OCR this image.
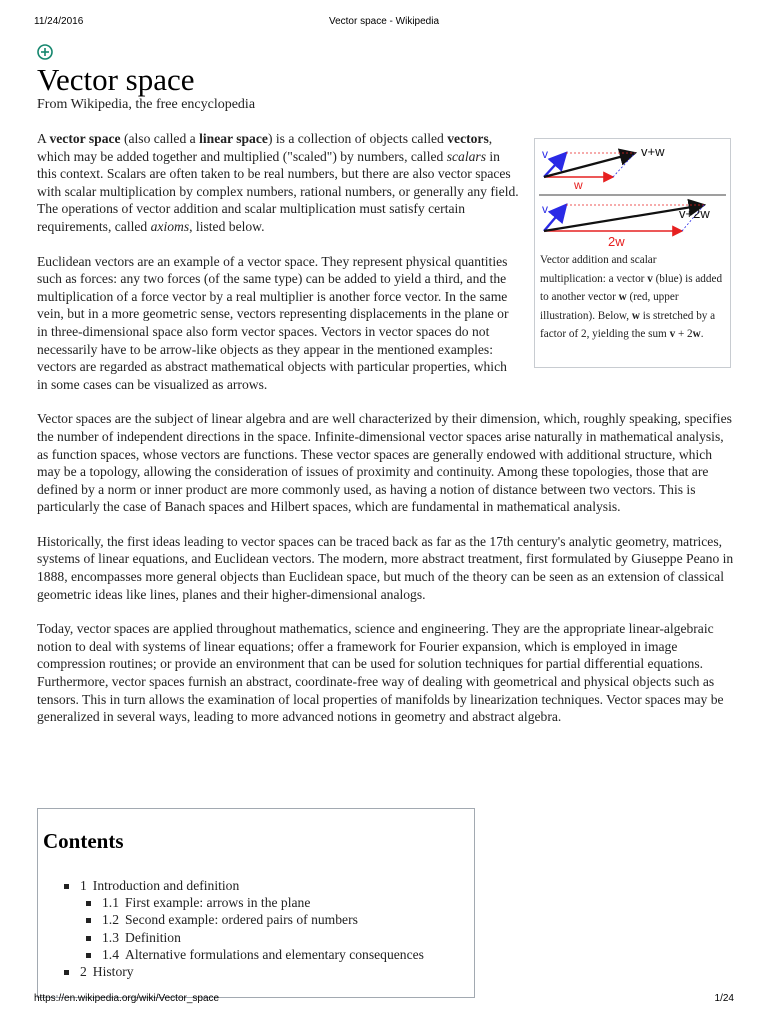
11/24/2016	Vector space - Wikipedia
Vector space
From Wikipedia, the free encyclopedia
v	v+w
w
v	v+2w
2w
Vector addition and scalar multiplication: a vector v (blue) is added to another vector w (red, upper illustration). Below, w is stretched by a factor of 2, yielding the sum v + 2w.

A vector space (also called a linear space) is a collection of objects called vectors, which may be added together and multiplied ("scaled") by numbers, called scalars in this context. Scalars are often taken to be real numbers, but there are also vector spaces with scalar multiplication by complex numbers, rational numbers, or generally any field. The operations of vector addition and scalar multiplication must satisfy certain requirements, called axioms, listed below.

Euclidean vectors are an example of a vector space. They represent physical quantities such as forces: any two forces (of the same type) can be added to yield a third, and the multiplication of a force vector by a real multiplier is another force vector. In the same vein, but in a more geometric sense, vectors representing displacements in the plane or in three-dimensional space also form vector spaces. Vectors in vector spaces do not necessarily have to be arrow-like objects as they appear in the mentioned examples: vectors are regarded as abstract mathematical objects with particular properties, which in some cases can be visualized as arrows.

Vector spaces are the subject of linear algebra and are well characterized by their dimension, which, roughly speaking, specifies the number of independent directions in the space. Infinite-dimensional vector spaces arise naturally in mathematical analysis, as function spaces, whose vectors are functions. These vector spaces are generally endowed with additional structure, which may be a topology, allowing the consideration of issues of proximity and continuity. Among these topologies, those that are defined by a norm or inner product are more commonly used, as having a notion of distance between two vectors. This is particularly the case of Banach spaces and Hilbert spaces, which are fundamental in mathematical analysis.

Historically, the first ideas leading to vector spaces can be traced back as far as the 17th century's analytic geometry, matrices, systems of linear equations, and Euclidean vectors. The modern, more abstract treatment, first formulated by Giuseppe Peano in 1888, encompasses more general objects than Euclidean space, but much of the theory can be seen as an extension of classical geometric ideas like lines, planes and their higher-dimensional analogs.

Today, vector spaces are applied throughout mathematics, science and engineering. They are the appropriate linear-algebraic notion to deal with systems of linear equations; offer a framework for Fourier expansion, which is employed in image compression routines; or provide an environment that can be used for solution techniques for partial differential equations. Furthermore, vector spaces furnish an abstract, coordinate-free way of dealing with geometrical and physical objects such as tensors. This in turn allows the examination of local properties of manifolds by linearization techniques. Vector spaces may be generalized in several ways, leading to more advanced notions in geometry and abstract algebra.

Contents
1 Introduction and definition
1.1 First example: arrows in the plane
1.2 Second example: ordered pairs of numbers
1.3 Definition
1.4 Alternative formulations and elementary consequences
2 History
https://en.wikipedia.org/wiki/Vector_space	1/24
